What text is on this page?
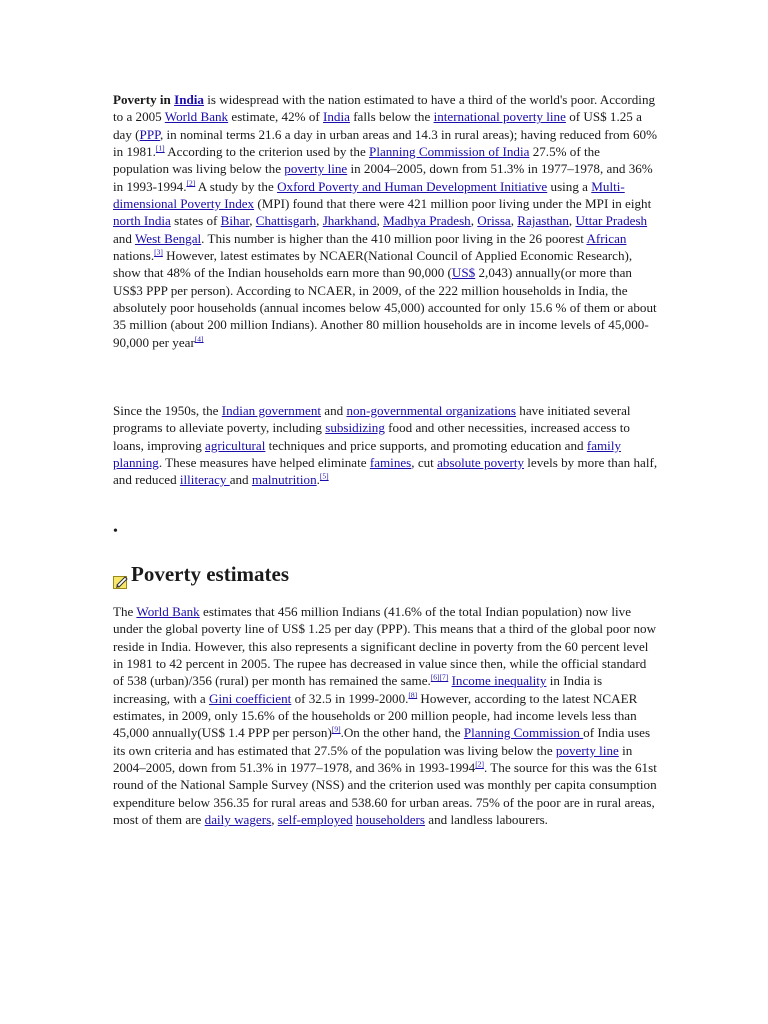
Poverty in India is widespread with the nation estimated to have a third of the world's poor. According to a 2005 World Bank estimate, 42% of India falls below the international poverty line of US$ 1.25 a day (PPP, in nominal terms 21.6 a day in urban areas and 14.3 in rural areas); having reduced from 60% in 1981.[1] According to the criterion used by the Planning Commission of India 27.5% of the population was living below the poverty line in 2004–2005, down from 51.3% in 1977–1978, and 36% in 1993-1994.[2] A study by the Oxford Poverty and Human Development Initiative using a Multi-dimensional Poverty Index (MPI) found that there were 421 million poor living under the MPI in eight north India states of Bihar, Chattisgarh, Jharkhand, Madhya Pradesh, Orissa, Rajasthan, Uttar Pradesh and West Bengal. This number is higher than the 410 million poor living in the 26 poorest African nations.[3] However, latest estimates by NCAER(National Council of Applied Economic Research), show that 48% of the Indian households earn more than 90,000 (US$ 2,043) annually(or more than US$3 PPP per person). According to NCAER, in 2009, of the 222 million households in India, the absolutely poor households (annual incomes below 45,000) accounted for only 15.6 % of them or about 35 million (about 200 million Indians). Another 80 million households are in income levels of 45,000-90,000 per year[4]

Since the 1950s, the Indian government and non-governmental organizations have initiated several programs to alleviate poverty, including subsidizing food and other necessities, increased access to loans, improving agricultural techniques and price supports, and promoting education and family planning. These measures have helped eliminate famines, cut absolute poverty levels by more than half, and reduced illiteracy and malnutrition.[5]

•
Poverty estimates

The World Bank estimates that 456 million Indians (41.6% of the total Indian population) now live under the global poverty line of US$ 1.25 per day (PPP). This means that a third of the global poor now reside in India. However, this also represents a significant decline in poverty from the 60 percent level in 1981 to 42 percent in 2005. The rupee has decreased in value since then, while the official standard of 538 (urban)/356 (rural) per month has remained the same.[6][7] Income inequality in India is increasing, with a Gini coefficient of 32.5 in 1999-2000.[8] However, according to the latest NCAER estimates, in 2009, only 15.6% of the households or 200 million people, had income levels less than 45,000 annually(US$ 1.4 PPP per person)[9].On the other hand, the Planning Commission of India uses its own criteria and has estimated that 27.5% of the population was living below the poverty line in 2004–2005, down from 51.3% in 1977–1978, and 36% in 1993-1994[2]. The source for this was the 61st round of the National Sample Survey (NSS) and the criterion used was monthly per capita consumption expenditure below 356.35 for rural areas and 538.60 for urban areas. 75% of the poor are in rural areas, most of them are daily wagers, self-employed householders and landless labourers.
